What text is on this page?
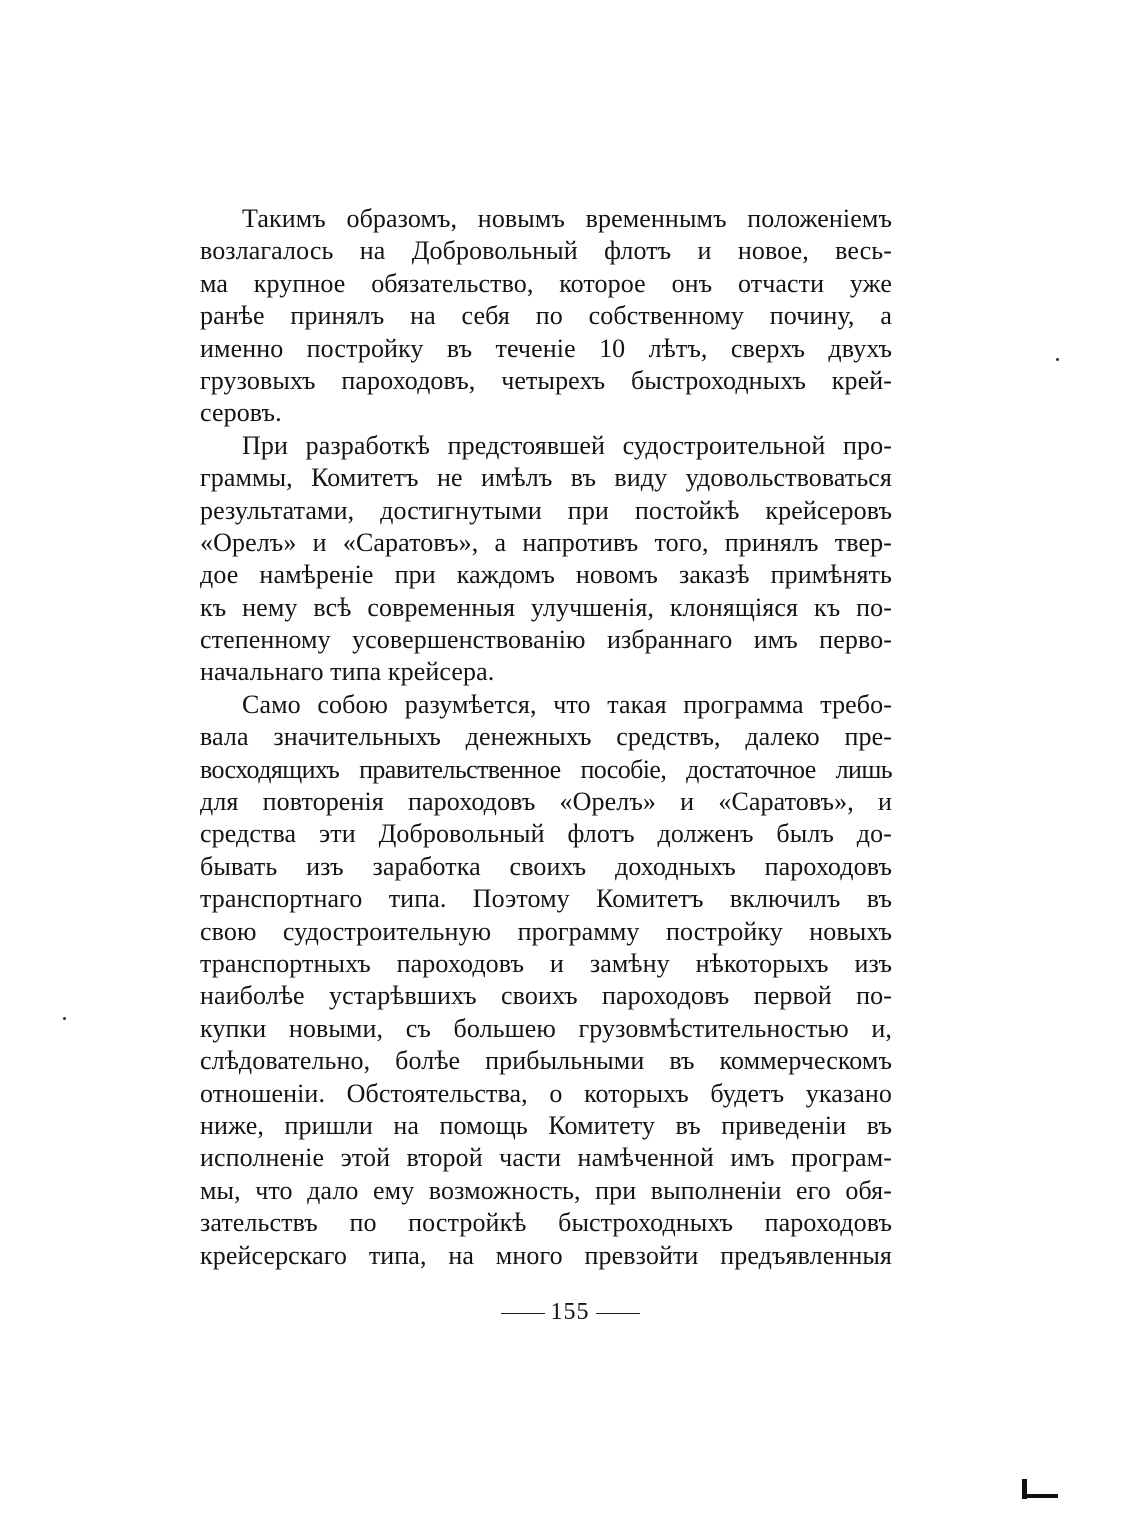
Такимъ образомъ, новымъ временнымъ положенiемъ
возлагалось на Добровольный флотъ и новое, весь-
ма крупное обязательство, которое онъ отчасти уже
ранѣе принялъ на себя по собственному почину, а
именно постройку въ теченiе 10 лѣтъ, сверхъ двухъ
грузовыхъ пароходовъ, четырехъ быстроходныхъ крей-
серовъ.
При разработкѣ предстоявшей судостроительной про-
граммы, Комитетъ не имѣлъ въ виду удовольствоваться
результатами, достигнутыми при постойкѣ крейсеровъ
«Орелъ» и «Саратовъ», а напротивъ того, принялъ твер-
дое намѣренiе при каждомъ новомъ заказѣ примѣнять
къ нему всѣ современныя улучшенiя, клонящiяся къ по-
степенному усовершенствованiю избраннаго имъ перво-
начальнаго типа крейсера.
Само собою разумѣется, что такая программа требо-
вала значительныхъ денежныхъ средствъ, далеко пре-
восходящихъ правительственное пособiе, достаточное лишь
для повторенiя пароходовъ «Орелъ» и «Саратовъ», и
средства эти Добровольный флотъ долженъ былъ до-
бывать изъ заработка своихъ доходныхъ пароходовъ
транспортнаго типа. Поэтому Комитетъ включилъ въ
свою судостроительную программу постройку новыхъ
транспортныхъ пароходовъ и замѣну нѣкоторыхъ изъ
наиболѣе устарѣвшихъ своихъ пароходовъ первой по-
купки новыми, съ большею грузовмѣстительностью и,
слѣдовательно, болѣе прибыльными въ коммерческомъ
отношенiи. Обстоятельства, о которыхъ будетъ указано
ниже, пришли на помощь Комитету въ приведенiи въ
исполненiе этой второй части намѣченной имъ програм-
мы, что дало ему возможность, при выполненiи его обя-
зательствъ по постройкѣ быстроходныхъ пароходовъ
крейсерскаго типа, на много превзойти предъявленныя
155
